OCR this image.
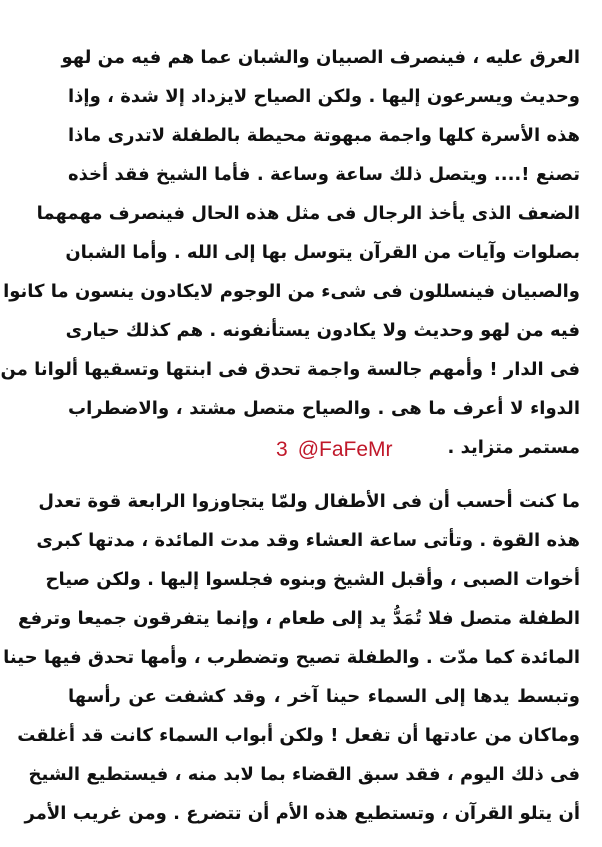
العرق عليه ، فينصرف الصبيان والشبان عما هم فيه من لهو
وحديث ويسرعون إليها . ولكن الصياح لايزداد إلا شدة ، وإذا
هذه الأسرة كلها واجمة مبهوتة محيطة بالطفلة لاتدرى ماذا
تصنع !.... ويتصل ذلك ساعة وساعة . فأما الشيخ فقد أخذه
الضعف الذى يأخذ الرجال فى مثل هذه الحال فينصرف مهمهما
بصلوات وآيات من القرآن يتوسل بها إلى الله . وأما الشبان
والصبيان فينسللون فى شىء من الوجوم لايكادون ينسون ما كانوا
فيه من لهو وحديث ولا يكادون يستأنفونه . هم كذلك حيارى
فى الدار ! وأمهم جالسة واجمة تحدق فى ابنتها وتسقيها ألوانا من
الدواء لا أعرف ما هى . والصياح متصل مشتد ، والاضطراب
مستمر متزايد .
3 @FaFeMr
ما كنت أحسب أن فى الأطفال ولمّا يتجاوزوا الرابعة قوة تعدل
هذه القوة . وتأتى ساعة العشاء وقد مدت المائدة ، مدتها كبرى
أخوات الصبى ، وأقبل الشيخ وبنوه فجلسوا إليها . ولكن صياح
الطفلة متصل فلا تُمَدُّ يد إلى طعام ، وإنما يتفرقون جميعا وترفع
المائدة كما مدّت . والطفلة تصيح وتضطرب ، وأمها تحدق فيها حينا
وتبسط يدها إلى السماء حينا آخر ، وقد كشفت عن رأسها
وماكان من عادتها أن تفعل ! ولكن أبواب السماء كانت قد أغلقت
فى ذلك اليوم ، فقد سبق القضاء بما لابد منه ، فيستطيع الشيخ
أن يتلو القرآن ، وتستطيع هذه الأم أن تتضرع . ومن غريب الأمر
